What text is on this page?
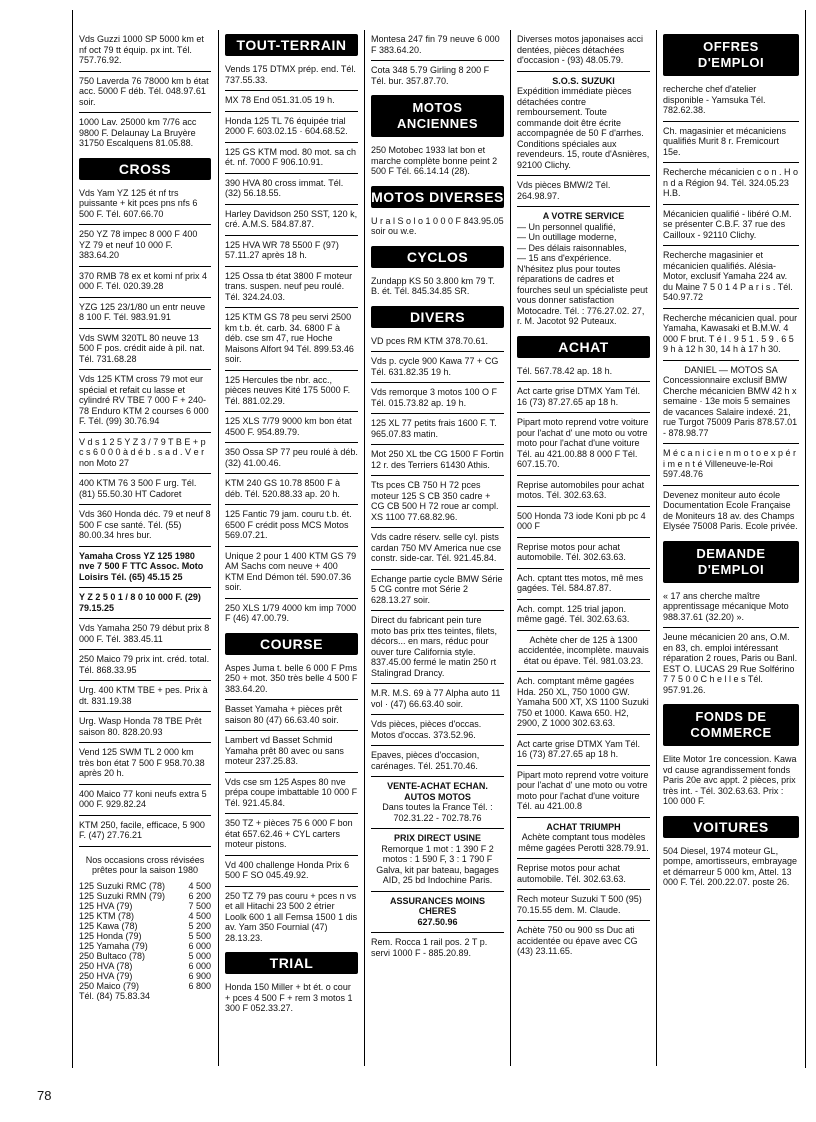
Vds Guzzi 1000 SP 5000 km et nf oct 79 tt équip. px int. Tél. 757.76.92.
750 Laverda 76 78000 km b état acc. 5000 F déb. Tél. 048.97.61 soir.
1000 Lav. 25000 km 7/76 acc 9800 F. Delaunay La Bruyère 31750 Escalquens 81.05.88.
CROSS
Vds Yam YZ 125 ét nf trs puissante + kit pces pns nfs 6 500 F. Tél. 607.66.70
250 YZ 78 impec 8 000 F 400 YZ 79 et neuf 10 000 F. 383.64.20
370 RMB 78 ex et komi nf prix 4 000 F. Tél. 020.39.28
YZG 125 23/1/80 un entr neuve 8 100 F. Tél. 983.91.91
Vds SWM 320TL 80 neuve 13 500 F pos. crédit aide à pil. nat. Tél. 731.68.28
Vds 125 KTM cross 79 mot eur spécial et refait cu lasse et cylindré RV TBE 7 000 F + 240-78 Enduro KTM 2 courses 6 000 F. Tél. (99) 30.76.94
V d s 1 2 5 Y Z 3 / 7 9 T B E + p c s 6 0 0 0 à d é b . s a d . V e r non Moto 27
400 KTM 76 3 500 F urg. Tél. (81) 55.50.30 HT Cadoret
Vds 360 Honda déc. 79 et neuf 8 500 F cse santé. Tél. (55) 80.00.34 hres bur.
Yamaha Cross YZ 125 1980 nve 7 500 F TTC Assoc. Moto Loisirs Tél. (65) 45.15 25
Y Z 2 5 0 1 / 8 0 10 000 F. (29) 79.15.25
Vds Yamaha 250 79 début prix 8 000 F. Tél. 383.45.11
250 Maico 79 prix int. créd. total. Tél. 868.33.95
Urg. 400 KTM TBE + pes. Prix à dt. 831.19.38
Urg. Wasp Honda 78 TBE Prêt saison 80. 828.20.93
Vend 125 SWM TL 2 000 km très bon état 7 500 F 958.70.38 après 20 h.
400 Maico 77 koni neufs extra 5 000 F. 929.82.24
KTM 250, facile, efficace, 5 900 F. (47) 27.76.21
Nos occasions cross révisées prêtes pour la saison 1980
125 Suzuki RMC (78)	4 500
125 Suzuki RMN (79)	6 200
125 HVA (79)	7 500
125 KTM (78)	4 500
125 Kawa (78)	5 200
125 Honda (79)	5 500
125 Yamaha (79)	6 000
250 Bultaco (78)	5 000
250 HVA (78)	6 000
250 HVA (79)	6 900
250 Maico (79)	6 800
Tél. (84) 75.83.34
TOUT-TERRAIN
Vends 175 DTMX prép. end. Tél. 737.55.33.
MX 78 End 051.31.05 19 h.
Honda 125 TL 76 équipée trial 2000 F. 603.02.15 · 604.68.52.
125 GS KTM mod. 80 mot. sa ch ét. nf. 7000 F 906.10.91.
390 HVA 80 cross immat. Tél. (32) 56.18.55.
Harley Davidson 250 SST, 120 k, cré. A.M.S. 584.87.87.
125 HVA WR 78 5500 F (97) 57.11.27 après 18 h.
125 Ossa tb état 3800 F moteur trans. suspen. neuf peu roulé. Tél. 324.24.03.
125 KTM GS 78 peu servi 2500 km t.b. ét. carb. 34. 6800 F à déb. cse sm 47, rue Hoche Maisons Alfort 94 Tél. 899.53.46 soir.
125 Hercules tbe nbr. acc., pièces neuves Kité 175 5000 F. Tél. 881.02.29.
125 XLS 7/79 9000 km bon état 4500 F. 954.89.79.
350 Ossa SP 77 peu roulé à déb. (32) 41.00.46.
KTM 240 GS 10.78 8500 F à déb. Tél. 520.88.33 ap. 20 h.
125 Fantic 79 jam. couru t.b. ét. 6500 F crédit poss MCS Motos 569.07.21.
Unique 2 pour 1 400 KTM GS 79 AM Sachs com neuve + 400 KTM End Démon tél. 590.07.36 soir.
250 XLS 1/79 4000 km imp 7000 F (46) 47.00.79.
COURSE
Aspes Juma t. belle 6 000 F Pms 250 + mot. 350 très belle 4 500 F 383.64.20.
Basset Yamaha + pièces prêt saison 80 (47) 66.63.40 soir.
Lambert vd Basset Schmid Yamaha prêt 80 avec ou sans moteur 237.25.83.
Vds cse sm 125 Aspes 80 nve prépa coupe imbattable 10 000 F Tél. 921.45.84.
350 TZ + pièces 75 6 000 F bon état 657.62.46 + CYL carters moteur pistons.
Vd 400 challenge Honda Prix 6 500 F SO 045.49.92.
250 TZ 79 pas couru + pces n vs et all Hitachi 23 500 2 étrier Loolk 600 1 all Femsa 1500 1 dis av. Yam 350 Fournial (47) 28.13.23.
TRIAL
Honda 150 Miller + bt ét. o cour + pces 4 500 F + rem 3 motos 1 300 F 052.33.27.
Montesa 247 fin 79 neuve 6 000 F 383.64.20.
Cota 348 5.79 Girling 8 200 F Tél. bur. 357.87.70.
MOTOS
ANCIENNES
250 Motobec 1933 lat bon et marche complète bonne peint 2 500 F Tél. 66.14.14 (28).
MOTOS DIVERSES
U r a l S o l o 1 0 0 0 F 843.95.05 soir ou w.e.
CYCLOS
Zundapp KS 50 3.800 km 79 T. B. ét. Tél. 845.34.85 SR.
DIVERS
VD pces RM KTM 378.70.61.
Vds p. cycle 900 Kawa 77 + CG Tél. 631.82.35 19 h.
Vds remorque 3 motos 100 O F Tél. 015.73.82 ap. 19 h.
125 XL 77 petits frais 1600 F. T. 965.07.83 matin.
Mot 250 XL tbe CG 1500 F Fortin 12 r. des Terriers 61430 Athis.
Tts pces CB 750 H 72 pces moteur 125 S CB 350 cadre + CG CB 500 H 72 roue ar compl. XS 1100 77.68.82.96.
Vds cadre réserv. selle cyl. pists cardan 750 MV America nue cse constr. side-car. Tél. 921.45.84.
Echange partie cycle BMW Série 5 CG contre mot Série 2 628.13.27 soir.
Direct du fabricant pein ture moto bas prix ttes teintes, filets, décors... en mars, réduc pour ouver ture California style. 837.45.00 fermé le matin 250 rt Stalingrad Drancy.
M.R. M.S. 69 à 77 Alpha auto 11 vol · (47) 66.63.40 soir.
Vds pièces, pièces d'occas. Motos d'occas. 373.52.96.
Epaves, pièces d'occasion, carénages. Tél. 251.70.46.
VENTE-ACHAT ECHAN. AUTOS MOTOS
Dans toutes la France Tél. : 702.31.22 - 702.78.76
PRIX DIRECT USINE
Remorque 1 mot : 1 390 F 2 motos : 1 590 F, 3 : 1 790 F Galva, kit par bateau, bagages AID, 25 bd Indochine Paris.
ASSURANCES MOINS CHERES
627.50.96
Rem. Rocca 1 rail pos. 2 T p. servi 1000 F - 885.20.89.
Diverses motos japonaises acci dentées, pièces détachées d'occasion - (93) 48.05.79.
S.O.S. SUZUKI
Expédition immédiate pièces détachées contre remboursement. Toute commande doit être écrite accompagnée de 50 F d'arrhes. Conditions spéciales aux revendeurs. 15, route d'Asnières, 92100 Clichy.
Vds pièces BMW/2 Tél. 264.98.97.
A VOTRE SERVICE
— Un personnel qualifié,
— Un outillage moderne,
— Des délais raisonnables,
— 15 ans d'expérience.
N'hésitez plus pour toutes réparations de cadres et fourches seul un spécialiste peut vous donner satisfaction Motocadre. Tél. : 776.27.02. 27, r. M. Jacotot 92 Puteaux.
ACHAT
Tél. 567.78.42 ap. 18 h.
Act carte grise DTMX Yam Tél. 16 (73) 87.27.65 ap 18 h.
Pipart moto reprend votre voiture pour l'achat d' une moto ou votre moto pour l'achat d'une voiture Tél. au 421.00.88 8 000 F Tél. 607.15.70.
Reprise automobiles pour achat motos. Tél. 302.63.63.
500 Honda 73 iode Koni pb pc 4 000 F
Reprise motos pour achat automobile. Tél. 302.63.63.
Ach. cptant ttes motos, mê mes gagées. Tél. 584.87.87.
Ach. compt. 125 trial japon. même gagé. Tél. 302.63.63.
Achète cher de 125 à 1300 accidentée, incomplète. mauvais état ou épave. Tél. 981.03.23.
Ach. comptant même gagées Hda. 250 XL, 750 1000 GW. Yamaha 500 XT, XS 1100 Suzuki 750 et 1000. Kawa 650. H2, 2900, Z 1000 302.63.63.
Act carte grise DTMX Yam Tél. 16 (73) 87.27.65 ap 18 h.
Pipart moto reprend votre voiture pour l'achat d' une moto ou votre moto pour l'achat d'une voiture Tél. au 421.00.8
ACHAT TRIUMPH
Achète comptant tous modèles même gagées Perotti 328.79.91.
Reprise motos pour achat automobile. Tél. 302.63.63.
Rech moteur Suzuki T 500 (95) 70.15.55 dem. M. Claude.
Achète 750 ou 900 ss Duc ati accidentée ou épave avec CG (43) 23.11.65.
OFFRES
D'EMPLOI
recherche chef d'atelier disponible - Yamsuka Tél. 782.62.38.
Ch. magasinier et mécaniciens qualifiés Murit 8 r. Fremicourt 15e.
Recherche mécanicien c o n . H o n d a Région 94. Tél. 324.05.23 H.B.
Mécanicien qualifié - libéré O.M. se présenter C.B.F. 37 rue des Cailloux - 92110 Clichy.
Recherche magasinier et mécanicien qualifiés. Alésia-Motor, exclusif Yamaha 224 av. du Maine 7 5 0 1 4 P a r i s . Tél. 540.97.72
Recherche mécanicien qual. pour Yamaha, Kawasaki et B.M.W. 4 000 F brut. T é l . 9 5 1 . 5 9 . 6 5 9 h à 12 h 30, 14 h à 17 h 30.
DANIEL — MOTOS SA
Concessionnaire exclusif BMW Cherche mécanicien BMW 42 h x semaine · 13e mois 5 semaines de vacances Salaire indexé. 21, rue Turgot 75009 Paris 878.57.01 - 878.98.77
M é c a n i c i e n m o t o e x p é r i m e n t é Villeneuve-le-Roi 597.48.76
Devenez moniteur auto école Documentation Ecole Française de Moniteurs 18 av. des Champs Elysée 75008 Paris. Ecole privée.
DEMANDE
D'EMPLOI
« 17 ans cherche maître apprentissage mécanique Moto 988.37.61 (32.20) ».
Jeune mécanicien 20 ans, O.M. en 83, ch. emploi intéressant réparation 2 roues, Paris ou Banl. EST O. LUCAS 29 Rue Solférino 7 7 5 0 0 C h e l l e s Tél. 957.91.26.
FONDS DE
COMMERCE
Elite Motor 1re concession. Kawa vd cause agrandissement fonds Paris 20e avc appt. 2 pièces, prix très int. - Tél. 302.63.63. Prix : 100 000 F.
VOITURES
504 Diesel, 1974 moteur GL, pompe, amortisseurs, embrayage et démarreur 5 000 km, Attel. 13 000 F. Tél. 200.22.07. poste 26.
78
